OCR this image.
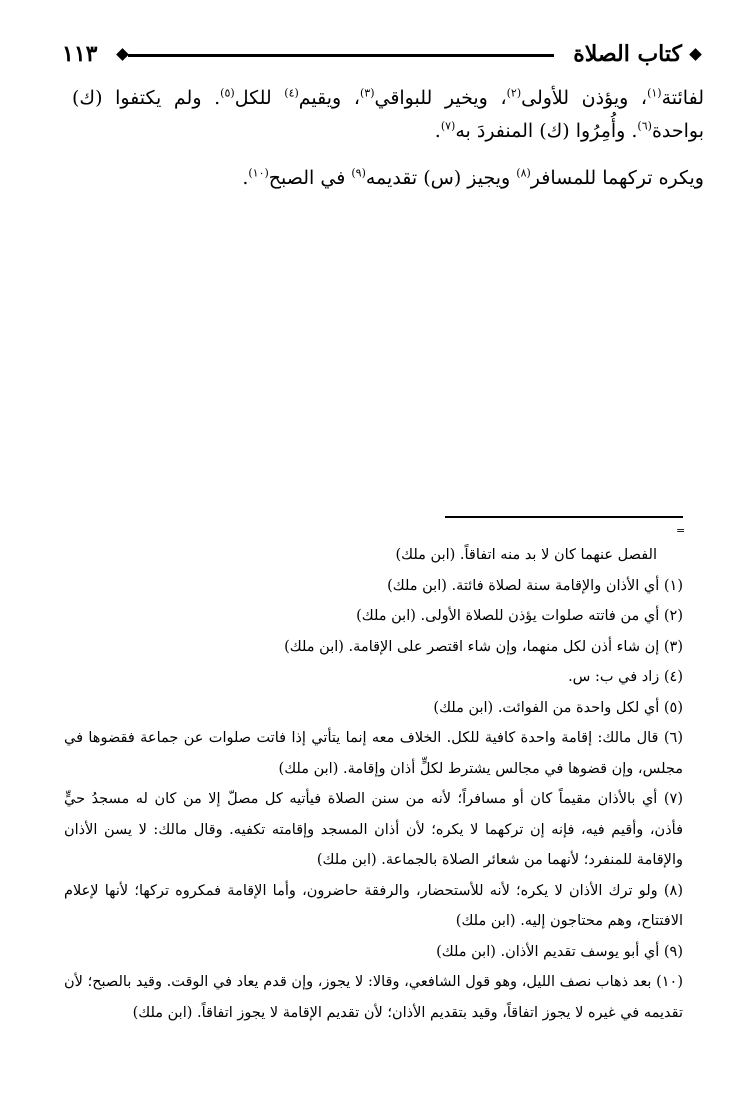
كتاب الصلاة
١١٣

لفائتة$^{(١)}$، ويؤذن للأولى$^{(٢)}$، ويخير للبواقي$^{(٣)}$، ويقيم$^{(٤)}$ للكل$^{(٥)}$. ولم يكتفوا (ك) بواحدة$^{(٦)}$. وأُمِرُوا (ك) المنفردَ به$^{(٧)}$.

ويكره تركهما للمسافر$^{(٨)}$ ويجيز (س) تقديمه$^{(٩)}$ في الصبح$^{(١٠)}$.

=

الفصل عنهما كان لا بد منه اتفاقاً. (ابن ملك)

(١) أي الأذان والإقامة سنة لصلاة فائتة. (ابن ملك)

(٢) أي من فاتته صلوات يؤذن للصلاة الأولى. (ابن ملك)

(٣) إن شاء أذن لكل منهما، وإن شاء اقتصر على الإقامة. (ابن ملك)

(٤) زاد في ب: س.

(٥) أي لكل واحدة من الفوائت. (ابن ملك)

(٦) قال مالك: إقامة واحدة كافية للكل. الخلاف معه إنما يتأتي إذا فاتت صلوات عن جماعة فقضوها في مجلس، وإن قضوها في مجالس يشترط لكلٍّ أذان وإقامة. (ابن ملك)

(٧) أي بالأذان مقيماً كان أو مسافراً؛ لأنه من سنن الصلاة فيأتيه كل مصلّ إلا من كان له مسجدُ حيٍّ فأذن، وأقيم فيه، فإنه إن تركهما لا يكره؛ لأن أذان المسجد وإقامته تكفيه. وقال مالك: لا يسن الأذان والإقامة للمنفرد؛ لأنهما من شعائر الصلاة بالجماعة. (ابن ملك)

(٨) ولو ترك الأذان لا يكره؛ لأنه للأستحضار، والرفقة حاضرون، وأما الإقامة فمكروه تركها؛ لأنها لإعلام الافتتاح، وهم محتاجون إليه. (ابن ملك)

(٩) أي أبو يوسف تقديم الأذان. (ابن ملك)

(١٠) بعد ذهاب نصف الليل، وهو قول الشافعي، وقالا: لا يجوز، وإن قدم يعاد في الوقت. وقيد بالصبح؛ لأن تقديمه في غيره لا يجوز اتفاقاً، وقيد بتقديم الأذان؛ لأن تقديم الإقامة لا يجوز اتفاقاً. (ابن ملك)
